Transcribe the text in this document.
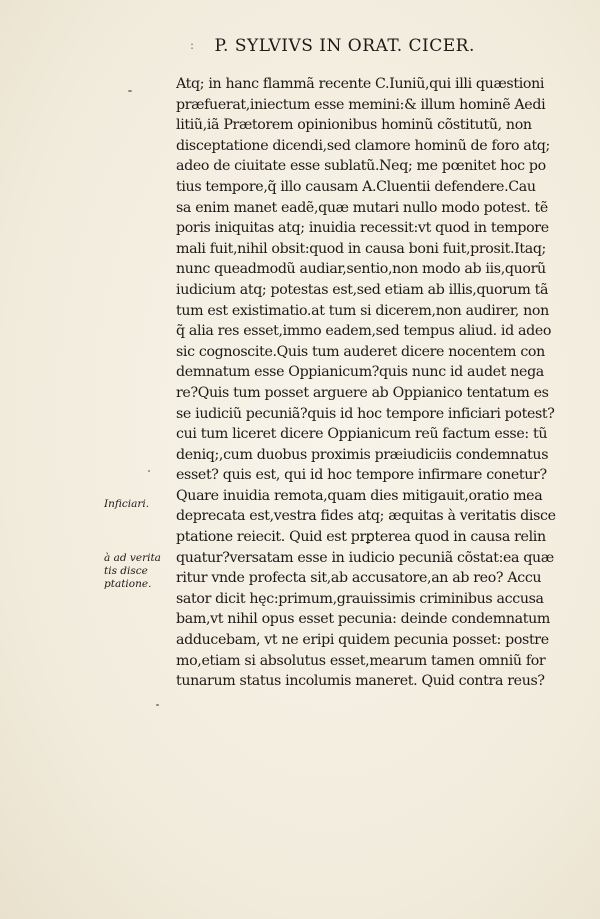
: P. SYLVIVS IN ORAT. CICER.
Atq; in hanc flammã recente C.Iuniũ,qui illi quæstioni
præfuerat,iniectum esse memini:& illum hominẽ Aedi
litiũ,iã Prætorem opinionibus hominũ cõstitutũ, non
disceptatione dicendi,sed clamore hominũ de foro atq;
adeo de ciuitate esse sublatũ.Neq; me pœnitet hoc po
tius tempore,q̃ illo causam A.Cluentii defendere.Cau
sa enim manet eadẽ,quæ mutari nullo modo potest. tẽ
poris iniquitas atq; inuidia recessit:vt quod in tempore
mali fuit,nihil obsit:quod in causa boni fuit,prosit.Itaq;
nunc queadmodũ audiar,sentio,non modo ab iis,quorũ
iudicium atq; potestas est,sed etiam ab illis,quorum tã
tum est existimatio.at tum si dicerem,non audirer, non
q̃ alia res esset,immo eadem,sed tempus aliud. id adeo
sic cognoscite.Quis tum auderet dicere nocentem con
demnatum esse Oppianicum?quis nunc id audet nega
re?Quis tum posset arguere ab Oppianico tentatum es
se iudiciũ pecuniã?quis id hoc tempore inficiari potest?
cui tum liceret dicere Oppianicum reũ factum esse: tũ
deniq;,cum duobus proximis præiudiciis condemnatus
esset? quis est, qui id hoc tempore infirmare conetur?
Quare inuidia remota,quam dies mitigauit,oratio mea
deprecata est,vestra fides atq; æquitas à veritatis disce
ptatione reiecit. Quid est prꝑterea quod in causa relin
quatur?versatam esse in iudicio pecuniã cõstat:ea quæ
ritur vnde profecta sit,ab accusatore,an ab reo? Accu
sator dicit hęc:primum,grauissimis criminibus accusa
bam,vt nihil opus esset pecunia: deinde condemnatum
adducebam, vt ne eripi quidem pecunia posset: postre
mo,etiam si absolutus esset,mearum tamen omniũ for
tunarum status incolumis maneret. Quid contra reus?
Inficiari.
à ad verita
tis disce
ptatione.
